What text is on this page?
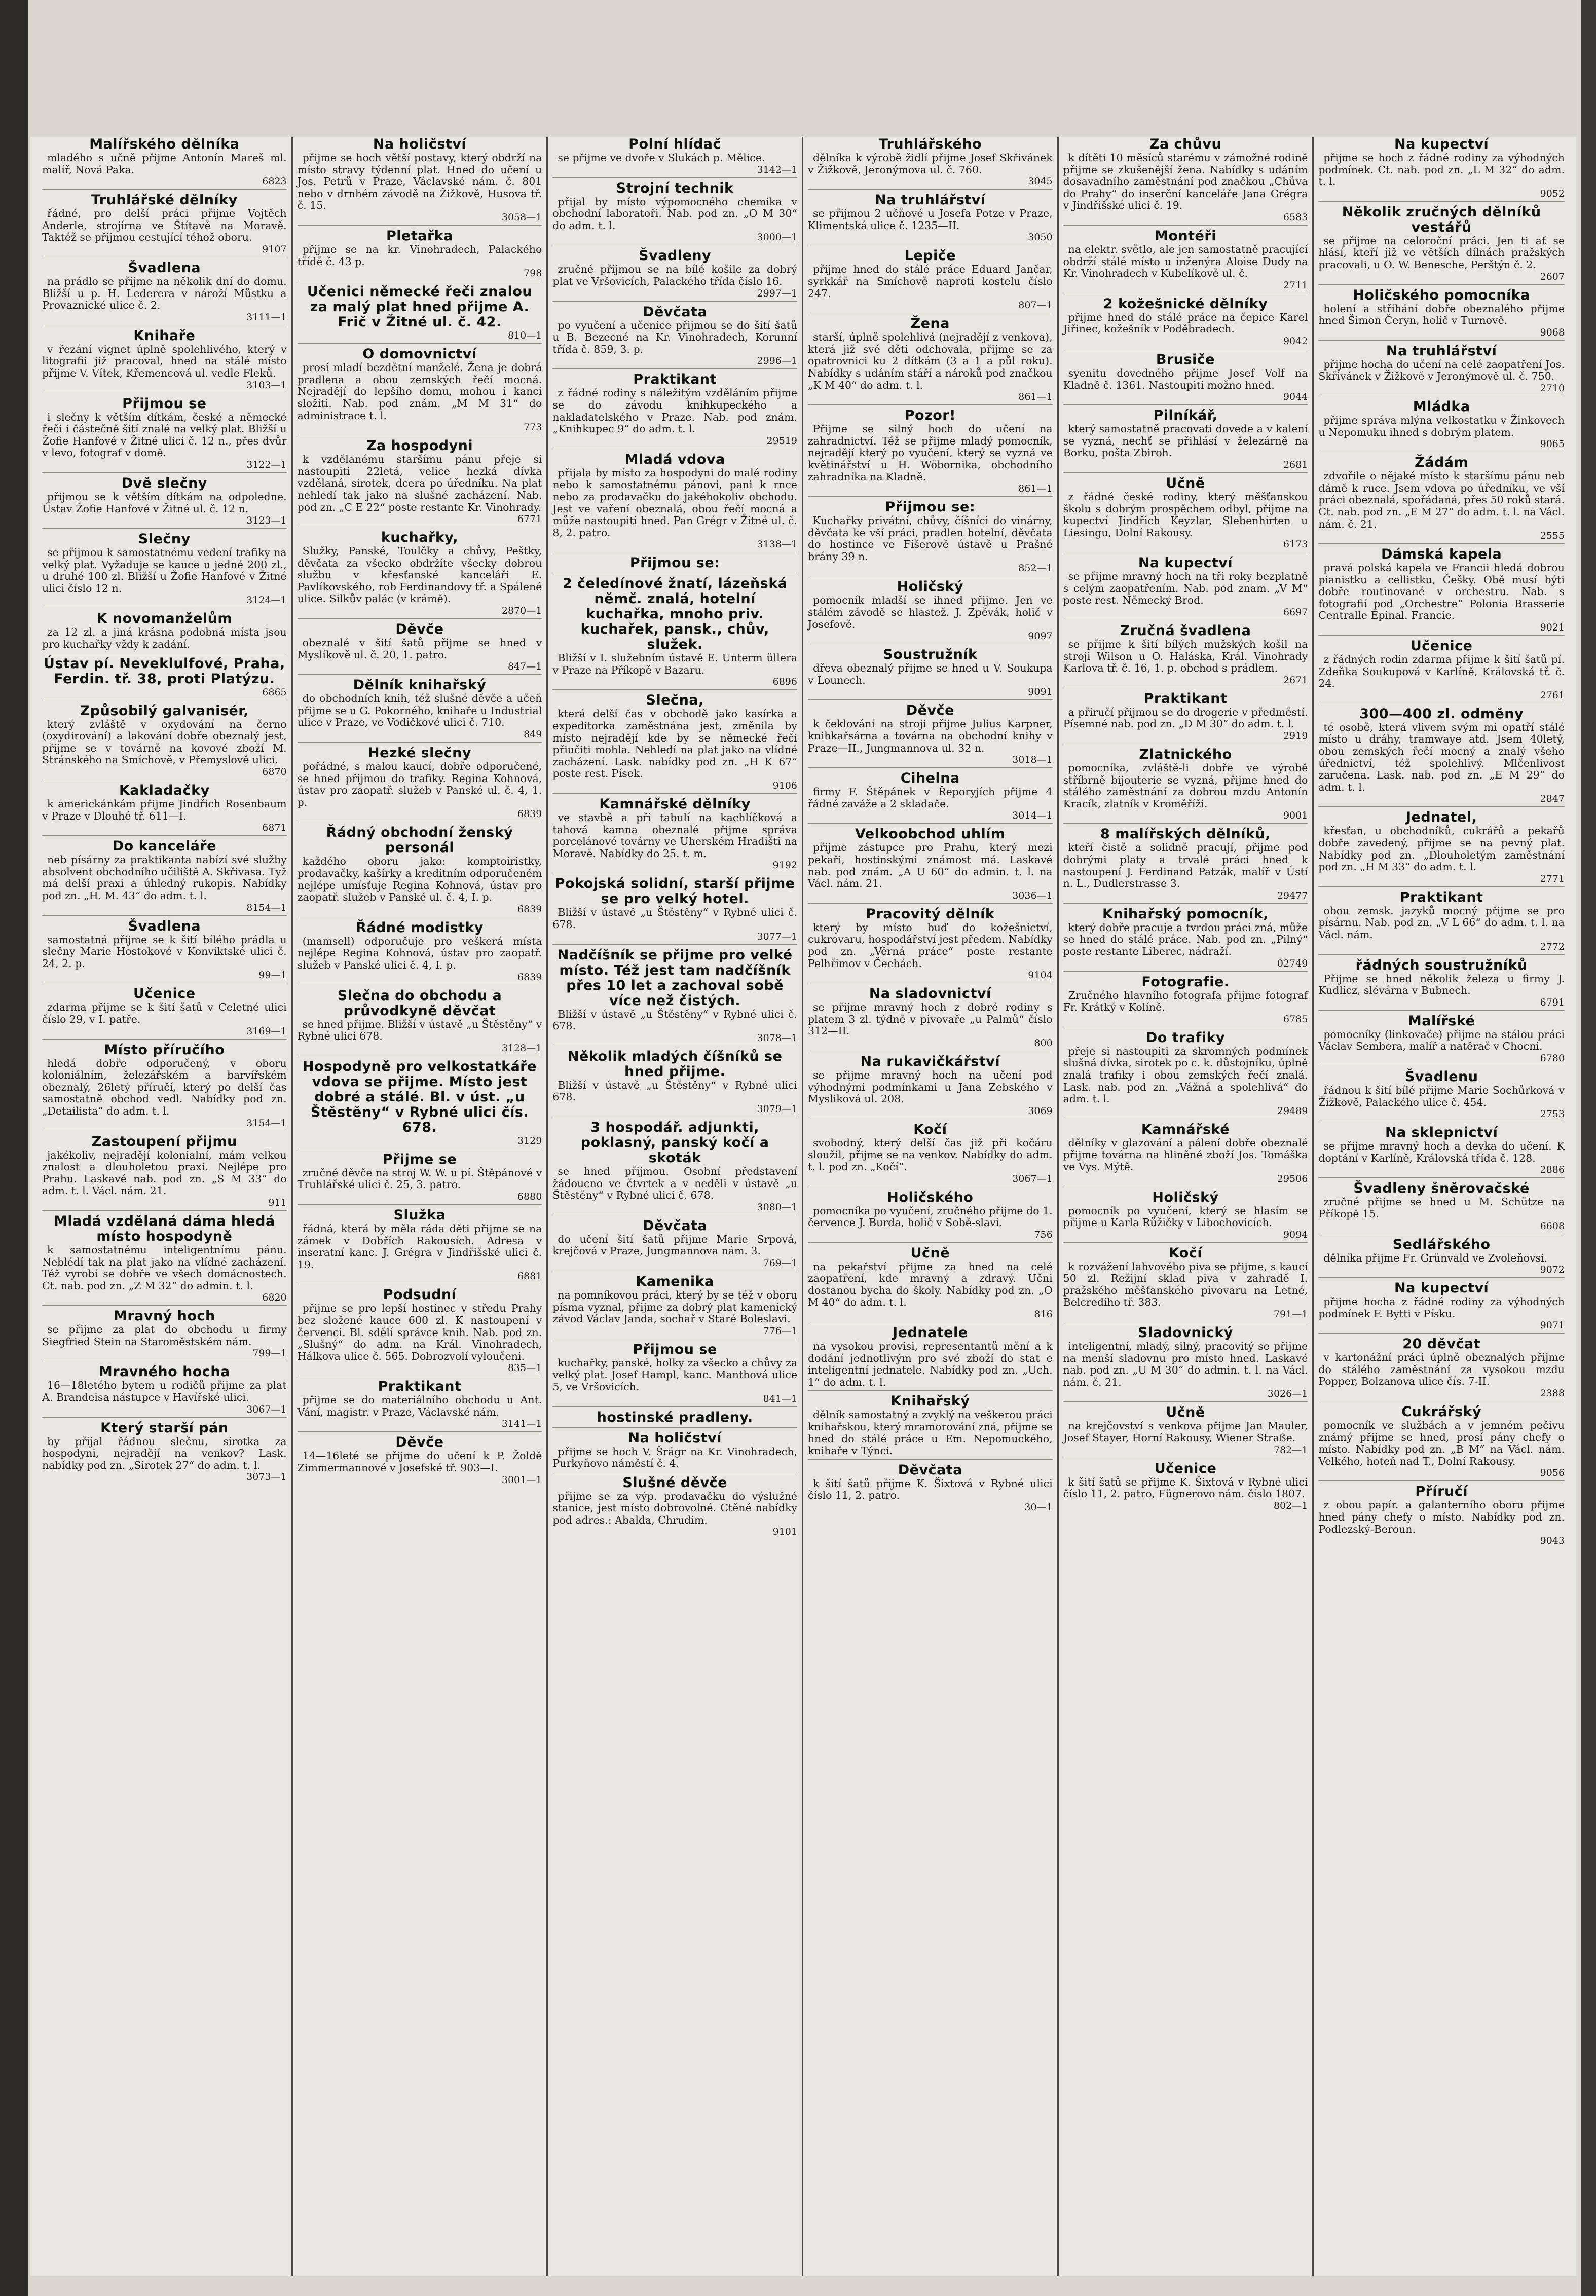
Malířského dělníka
mladého s učně přijme Antonín Mareš ml. malíř, Nová Paka.
6823
Truhlářské dělníky
řádné, pro delší práci přijme Vojtěch Anderle, strojírna ve Štítavě na Moravě. Taktéž se přijmou cestující téhož oboru.
9107
Švadlena
na prádlo se přijme na několik dní do domu. Bližší u p. H. Lederera v nároží Můstku a Provaznické ulice č. 2.
3111—1
Knihaře
v řezání vignet úplně spolehlivého, který v litografii již pracoval, hned na stálé místo přijme V. Vítek, Křemencová ul. vedle Fleků.
3103—1
Přijmou se
i slečny k větším dítkám, české a německé řeči i částečně šití znalé na velký plat. Bližší u Žofie Hanfové v Žitné ulici č. 12 n., přes dvůr v levo, fotograf v domě.
3122—1
Dvě slečny
přijmou se k větším dítkám na odpoledne. Ústav Žofie Hanfové v Žitné ul. č. 12 n.
3123—1
Slečny
se přijmou k samostatnému vedení trafiky na velký plat. Vyžaduje se kauce u jedné 200 zl., u druhé 100 zl. Bližší u Žofie Hanfové v Žitné ulici číslo 12 n.
3124—1
K novomanželům
za 12 zl. a jiná krásna podobná místa jsou pro kuchařky vždy k zadání.
Ústav pí. Neveklulfové, Praha, Ferdin. tř. 38, proti Platýzu.
6865
Způsobilý galvanisér,
který zvláště v oxydování na černo (oxydirování) a lakování dobře obeznalý jest, přijme se v továrně na kovové zboží M. Stránského na Smíchově, v Přemyslově ulici.
6870
Kakladačky
k americkánkám přijme Jindřich Rosenbaum v Praze v Dlouhé tř. 611—I.
6871
Do kanceláře
neb písárny za praktikanta nabízí své služby absolvent obchodního učiliště A. Skřivasa. Tyž má delší praxi a úhledný rukopis. Nabídky pod zn. „H. M. 43“ do adm. t. l.
8154—1
Švadlena
samostatná přijme se k šití bílého prádla u slečny Marie Hostokové v Konviktské ulici č. 24, 2. p.
99—1
Učenice
zdarma přijme se k šití šatů v Celetné ulici číslo 29, v I. patře.
3169—1
Místo příručího
hledá dobře odporučený, v oboru koloniálním, železářském a barvířském obeznalý, 26letý příručí, který po delší čas samostatně obchod vedl. Nabídky pod zn. „Detailista“ do adm. t. l.
3154—1
Zastoupení přijmu
jakékoliv, nejradějí kolonialní, mám velkou znalost a dlouholetou praxi. Nejlépe pro Prahu. Laskavé nab. pod zn. „S M 33“ do adm. t. l. Václ. nám. 21.
911
Mladá vzdělaná dáma hledá místo hospodyně
k samostatnému inteligentnímu pánu. Neblédí tak na plat jako na vlídné zacházení. Též vyrobí se dobře ve všech domácnostech. Ct. nab. pod zn. „Z M 32“ do admin. t. l.
6820
Mravný hoch
se přijme za plat do obchodu u firmy Siegfried Stein na Staroměstském nám.
799—1
Mravného hocha
16—18letého bytem u rodičů přijme za plat A. Brandeisa nástupce v Havířské ulici.
3067—1
Který starší pán
by přijal řádnou slečnu, sirotka za hospodyni, nejradějí na venkov? Lask. nabídky pod zn. „Sirotek 27“ do adm. t. l.
3073—1
Na holičství
přijme se hoch větší postavy, který obdrží na místo stravy týdenní plat. Hned do učení u Jos. Petrů v Praze, Václavské nám. č. 801 nebo v drnhém závodě na Žižkově, Husova tř. č. 15.
3058—1
Pletařka
přijme se na kr. Vinohradech, Palackého třídě č. 43 p.
798
Učenici německé řeči znalou za malý plat hned přijme A. Frič v Žitné ul. č. 42.
810—1
O domovnictví
prosí mladí bezdětní manželé. Žena je dobrá pradlena a obou zemských řečí mocná. Nejradějí do lepšího domu, mohou i kanci složiti. Nab. pod znám. „M M 31“ do administrace t. l.
773
Za hospodyni
k vzdělanému staršímu pánu přeje si nastoupiti 22letá, velice hezká dívka vzdělaná, sirotek, dcera po úředníku. Na plat nehledí tak jako na slušné zacházení. Nab. pod zn. „C E 22“ poste restante Kr. Vinohrady.
6771
kuchařky,
Služky, Panské, Toulčky a chůvy, Peštky, děvčata za všecko obdržíte všecky dobrou službu v křesťanské kanceláři E. Pavlíkovského, rob Ferdinandovy tř. a Spálené ulice. Silkův palác (v krámě).
2870—1
Děvče
obeznalé v šití šatů přijme se hned v Myslíkově ul. č. 20, 1. patro.
847—1
Dělník knihařský
do obchodních knih, též slušné děvče a učeň přijme se u G. Pokorného, knihaře u Industrial ulice v Praze, ve Vodičkové ulici č. 710.
849
Hezké slečny
pořádné, s malou kaucí, dobře odporučené, se hned přijmou do trafiky. Regina Kohnová, ústav pro zaopatř. služeb v Panské ul. č. 4, 1. p.
6839
Řádný obchodní ženský personál
každého oboru jako: komptoiristky, prodavačky, kašírky a kreditním odporučeném nejlépe umísťuje Regina Kohnová, ústav pro zaopatř. služeb v Panské ul. č. 4, I. p.
6839
Řádné modistky
(mamsell) odporučuje pro veškerá místa nejlépe Regina Kohnová, ústav pro zaopatř. služeb v Panské ulici č. 4, I. p.
6839
Slečna do obchodu a průvodkyně děvčat
se hned přijme. Bližší v ústavě „u Štěstěny“ v Rybné ulici 678.
3128—1
Hospodyně pro velkostatkáře vdova se přijme. Místo jest dobré a stálé. Bl. v úst. „u Štěstěny“ v Rybné ulici čís. 678.
3129
Přijme se
zručné děvče na stroj W. W. u pí. Štěpánové v Truhlářské ulici č. 25, 3. patro.
6880
Služka
řádná, která by měla ráda děti přijme se na zámek v Dobřích Rakousích. Adresa v inseratní kanc. J. Grégra v Jindřišské ulici č. 19.
6881
Podsudní
přijme se pro lepší hostinec v středu Prahy bez složené kauce 600 zl. K nastoupení v červenci. Bl. sdělí správce knih. Nab. pod zn. „Slušný“ do adm. na Král. Vinohradech, Hálkova ulice č. 565. Dobrozvolí vyloučeni.
835—1
Praktikant
přijme se do materiálního obchodu u Ant. Vání, magistr. v Praze, Václavské nám.
3141—1
Děvče
14—16leté se přijme do učení k P. Žoldě Zimmermannové v Josefské tř. 903—I.
3001—1
Polní hlídač
se přijme ve dvoře v Slukách p. Mělice.
3142—1
Strojní technik
přijal by místo výpomocného chemika v obchodní laboratoři. Nab. pod zn. „O M 30“ do adm. t. l.
3000—1
Švadleny
zručné přijmou se na bílé košile za dobrý plat ve Vršovicích, Palackého třída číslo 16.
2997—1
Děvčata
po vyučení a učenice přijmou se do šití šatů u B. Bezecné na Kr. Vinohradech, Korunní třída č. 859, 3. p.
2996—1
Praktikant
z řádné rodiny s náležitým vzděláním přijme se do závodu knihkupeckého a nakladatelského v Praze. Nab. pod znám. „Knihkupec 9“ do adm. t. l.
29519
Mladá vdova
přijala by místo za hospodyni do malé rodiny nebo k samostatnému pánovi, pani k rnce nebo za prodavačku do jakéhokoliv obchodu. Jest ve vaření obeznalá, obou řečí mocná a může nastoupiti hned. Pan Grégr v Žitné ul. č. 8, 2. patro.
3138—1
Přijmou se:
2 čeledínové žnatí, lázeňská němč. znalá, hotelní kuchařka, mnoho priv. kuchařek, pansk., chův, služek.
Bližší v I. služebním ústavě E. Unterm üllera v Praze na Příkopě v Bazaru.
6896
Slečna,
která delší čas v obchodě jako kasírka a expeditorka zaměstnána jest, změnila by místo nejradějí kde by se německé řeči přiučiti mohla. Nehledí na plat jako na vlídné zacházení. Lask. nabídky pod zn. „H K 67“ poste rest. Písek.
9106
Kamnářské dělníky
ve stavbě a při tabulí na kachlíčková a tahová kamna obeznalé přijme správa porcelánové továrny ve Uherském Hradišti na Moravě. Nabídky do 25. t. m.
9192
Pokojská solidní, starší přijme se pro velký hotel.
Bližší v ústavě „u Štěstěny“ v Rybné ulici č. 678.
3077—1
Nadčíšník se přijme pro velké místo. Též jest tam nadčíšník přes 10 let a zachoval sobě více než čistých.
Bližší v ústavě „u Štěstěny“ v Rybné ulici č. 678.
3078—1
Několik mladých číšníků se hned přijme.
Bližší v ústavě „u Štěstěny“ v Rybné ulici 678.
3079—1
3 hospodář. adjunkti, poklasný, panský kočí a skoták
se hned přijmou. Osobní představení žádoucno ve čtvrtek a v neděli v ústavě „u Štěstěny“ v Rybné ulici č. 678.
3080—1
Děvčata
do učení šití šatů přijme Marie Srpová, krejčová v Praze, Jungmannova nám. 3.
769—1
Kamenika
na pomníkovou práci, který by se též v oboru písma vyznal, přijme za dobrý plat kamenický závod Václav Janda, sochař v Staré Boleslavi.
776—1
Přijmou se
kuchařky, panské, holky za všecko a chůvy za velký plat. Josef Hampl, kanc. Manthová ulice 5, ve Vršovicích.
841—1
hostinské pradleny.
Na holičství
přijme se hoch V. Šrágr na Kr. Vinohradech, Purkyňovo náměstí č. 4.
Slušné děvče
přijme se za výp. prodavačku do výslužné stanice, jest místo dobrovolné. Ctěné nabídky pod adres.: Abalda, Chrudim.
9101
Truhlářského
dělníka k výrobě židlí přijme Josef Skřivánek v Žižkově, Jeronýmova ul. č. 760.
3045
Na truhlářství
se přijmou 2 učňové u Josefa Potze v Praze, Klimentská ulice č. 1235—II.
3050
Lepiče
přijme hned do stálé práce Eduard Jančar, syrkkář na Smíchově naproti kostelu číslo 247.
807—1
Žena
starší, úplně spolehlivá (nejradějí z venkova), která již své děti odchovala, přijme se za opatrovnici ku 2 dítkám (3 a 1 a půl roku). Nabídky s udáním stáří a nároků pod značkou „K M 40“ do adm. t. l.
861—1
Pozor!
Přijme se silný hoch do učení na zahradnictví. Též se přijme mladý pomocník, nejradějí který po vyučení, který se vyzná ve květinářství u H. Wöbornika, obchodního zahradníka na Kladně.
861—1
Přijmou se:
Kuchařky privátní, chůvy, číšníci do vinárny, děvčata ke vší práci, pradlen hotelní, děvčata do hostince ve Fišerově ústavě u Prašné brány 39 n.
852—1
Holičský
pomocník mladší se ihned přijme. Jen ve stálém závodě se hlastež. J. Zpěvák, holič v Josefově.
9097
Soustružník
dřeva obeznalý přijme se hned u V. Soukupa v Lounech.
9091
Děvče
k čeklování na stroji přijme Julius Karpner, knihkařsárna a továrna na obchodní knihy v Praze—II., Jungmannova ul. 32 n.
3018—1
Cihelna
firmy F. Štěpánek v Řeporyjích přijme 4 řádné zaváže a 2 skladače.
3014—1
Velkoobchod uhlím
přijme zástupce pro Prahu, který mezi pekaři, hostinskými známost má. Laskavé nab. pod znám. „A U 60“ do admin. t. l. na Václ. nám. 21.
3036—1
Pracovitý dělník
který by místo buď do kožešnictví, cukrovaru, hospodářství jest předem. Nabídky pod zn. „Věrná práce“ poste restante Pelhřimov v Čechách.
9104
Na sladovnictví
se přijme mravný hoch z dobré rodiny s platem 3 zl. týdně v pivovaře „u Palmů“ číslo 312—II.
800
Na rukavičkářství
se přijme mravný hoch na učení pod výhodnými podmínkami u Jana Zebského v Mysliková ul. 208.
3069
Kočí
svobodný, který delší čas již při kočáru sloužil, přijme se na venkov. Nabídky do adm. t. l. pod zn. „Kočí“.
3067—1
Holičského
pomocníka po vyučení, zručného přijme do 1. července J. Burda, holič v Sobě-slavi.
756
Učně
na pekařství přijme za hned na celé zaopatření, kde mravný a zdravý. Učni dostanou bycha do školy. Nabídky pod zn. „O M 40“ do adm. t. l.
816
Jednatele
na vysokou provisi, representantů mění a k dodání jednotlivým pro své zboží do stat e inteligentní jednatele. Nabídky pod zn. „Uch. 1“ do adm. t. l.
Knihařský
dělník samostatný a zvyklý na veškerou práci knihařskou, který mramorování zná, přijme se hned do stálé práce u Em. Nepomuckého, knihaře v Týnci.
Děvčata
k šití šatů přijme K. Šixtová v Rybné ulici číslo 11, 2. patro.
30—1
Za chůvu
k dítěti 10 měsíců starému v zámožné rodině přijme se zkušenější žena. Nabídky s udáním dosavadního zaměstnání pod značkou „Chůva do Prahy“ do inserční kanceláře Jana Grégra v Jindřišské ulici č. 19.
6583
Montéři
na elektr. světlo, ale jen samostatně pracující obdrží stálé místo u inženýra Aloise Dudy na Kr. Vinohradech v Kubelíkově ul. č.
2711
2 kožešnické dělníky
přijme hned do stálé práce na čepice Karel Jiřinec, kožešník v Poděbradech.
9042
Brusiče
syenitu dovedného přijme Josef Volf na Kladně č. 1361. Nastoupiti možno hned.
9044
Pilníkář,
který samostatně pracovati dovede a v kalení se vyzná, nechť se přihlásí v železárně na Borku, pošta Zbiroh.
2681
Učně
z řádné české rodiny, který měšťanskou školu s dobrým prospěchem odbyl, přijme na kupectví Jindřich Keyzlar, Slebenhirten u Liesingu, Dolní Rakousy.
6173
Na kupectví
se přijme mravný hoch na tři roky bezplatně s celým zaopatřením. Nab. pod znam. „V M“ poste rest. Německý Brod.
6697
Zručná švadlena
se přijme k šití bílých mužských košil na stroji Wilson u O. Haláska, Král. Vinohrady Karlova tř. č. 16, 1. p. obchod s prádlem.
2671
Praktikant
a přiručí přijmou se do drogerie v předměstí. Písemné nab. pod zn. „D M 30“ do adm. t. l.
2919
Zlatnického
pomocníka, zvláště-li dobře ve výrobě stříbrně bijouterie se vyzná, přijme hned do stálého zaměstnání za dobrou mzdu Antonín Kracík, zlatník v Kroměříži.
9001
8 malířských dělníků,
kteří čistě a solidně pracují, přijme pod dobrými platy a trvalé práci hned k nastoupení J. Ferdinand Patzák, malíř v Ústí n. L., Dudlerstrasse 3.
29477
Knihařský pomocník,
který dobře pracuje a tvrdou práci zná, může se hned do stálé práce. Nab. pod zn. „Pilný“ poste restante Liberec, nádraží.
02749
Fotografie.
Zručného hlavního fotografa přijme fotograf Fr. Krátký v Kolíně.
6785
Do trafiky
přeje si nastoupiti za skromných podmínek slušná dívka, sirotek po c. k. důstojníku, úplně znalá trafiky i obou zemských řečí znalá. Lask. nab. pod zn. „Vážná a spolehlivá“ do adm. t. l.
29489
Kamnářské
dělníky v glazování a pálení dobře obeznalé přijme továrna na hliněné zboží Jos. Tomáška ve Vys. Mýtě.
29506
Holičský
pomocník po vyučení, který se hlasím se přijme u Karla Růžičky v Libochovicích.
9094
Kočí
k rozvážení lahvového piva se přijme, s kaucí 50 zl. Režijní sklad piva v zahradě I. pražského měšťanského pivovaru na Letné, Belcrediho tř. 383.
791—1
Sladovnický
inteligentní, mladý, silný, pracovitý se přijme na menší sladovnu pro místo hned. Laskavé nab. pod zn. „U M 30“ do admin. t. l. na Václ. nám. č. 21.
3026—1
Učně
na krejčovství s venkova přijme Jan Mauler, Josef Stayer, Horní Rakousy, Wiener Straße.
782—1
Učenice
k šití šatů se přijme K. Šixtová v Rybné ulici číslo 11, 2. patro, Fügnerovo nám. číslo 1807.
802—1
Na kupectví
přijme se hoch z řádné rodiny za výhodných podmínek. Ct. nab. pod zn. „L M 32“ do adm. t. l.
9052
Několik zručných dělníků vestářů
se přijme na celoroční práci. Jen ti ať se hlásí, kteří již ve větších dílnách pražských pracovali, u O. W. Benesche, Perštýn č. 2.
2607
Holičského pomocníka
holení a stříhání dobře obeznalého přijme hned Šimon Čeryn, holič v Turnově.
9068
Na truhlářství
přijme hocha do učení na celé zaopatření Jos. Skřivánek v Žižkově v Jeronýmově ul. č. 750.
2710
Mládka
přijme správa mlýna velkostatku v Žinkovech u Nepomuku ihned s dobrým platem.
9065
Žádám
zdvořile o nějaké místo k staršímu pánu neb dámě k ruce. Jsem vdova po úředníku, ve vší práci obeznalá, spořádaná, přes 50 roků stará. Ct. nab. pod zn. „E M 27“ do adm. t. l. na Václ. nám. č. 21.
2555
Dámská kapela
pravá polská kapela ve Francii hledá dobrou pianistku a cellistku, Češky. Obě musí býti dobře routinované v orchestru. Nab. s fotografií pod „Orchestre“ Polonia Brasserie Centralle Epinal. Francie.
9021
Učenice
z řádných rodin zdarma přijme k šití šatů pí. Zdeňka Soukupová v Karlíně, Královská tř. č. 24.
2761
300—400 zl. odměny
té osobě, která vlivem svým mi opatří stálé místo u dráhy, tramwaye atd. Jsem 40letý, obou zemských řečí mocný a znalý všeho úřednictví, též spolehlivý. Mlčenlivost zaručena. Lask. nab. pod zn. „E M 29“ do adm. t. l.
2847
Jednatel,
křesťan, u obchodníků, cukrářů a pekařů dobře zavedený, přijme se na pevný plat. Nabídky pod zn. „Dlouholetým zaměstnání pod zn. „H M 33“ do adm. t. l.
2771
Praktikant
obou zemsk. jazyků mocný přijme se pro písárnu. Nab. pod zn. „V L 66“ do adm. t. l. na Václ. nám.
2772
řádných soustružníků
Přijme se hned několik železa u firmy J. Kudlicz, slévárna v Bubnech.
6791
Malířské
pomocníky (linkovače) přijme na stálou práci Václav Sembera, malíř a natěrač v Chocni.
6780
Švadlenu
řádnou k šití bílé přijme Marie Sochůrková v Žižkově, Palackého ulice č. 454.
2753
Na sklepnictví
se přijme mravný hoch a devka do učení. K doptání v Karlíně, Královská třída č. 128.
2886
Švadleny šněrovačské
zručné přijme se hned u M. Schütze na Příkopě 15.
6608
Sedlářského
dělníka přijme Fr. Grünvald ve Zvoleňovsi.
9072
Na kupectví
přijme hocha z řádné rodiny za výhodných podmínek F. Bytti v Písku.
9071
20 děvčat
v kartonážní práci úplně obeznalých přijme do stálého zaměstnání za vysokou mzdu Popper, Bolzanova ulice čís. 7-II.
2388
Cukrářský
pomocník ve službách a v jemném pečivu známý přijme se hned, prosí pány chefy o místo. Nabídky pod zn. „B M“ na Václ. nám. Velkého, hoteň nad T., Dolní Rakousy.
9056
Příručí
z obou papír. a galanterního oboru přijme hned pány chefy o místo. Nabídky pod zn. Podlezský-Beroun.
9043
